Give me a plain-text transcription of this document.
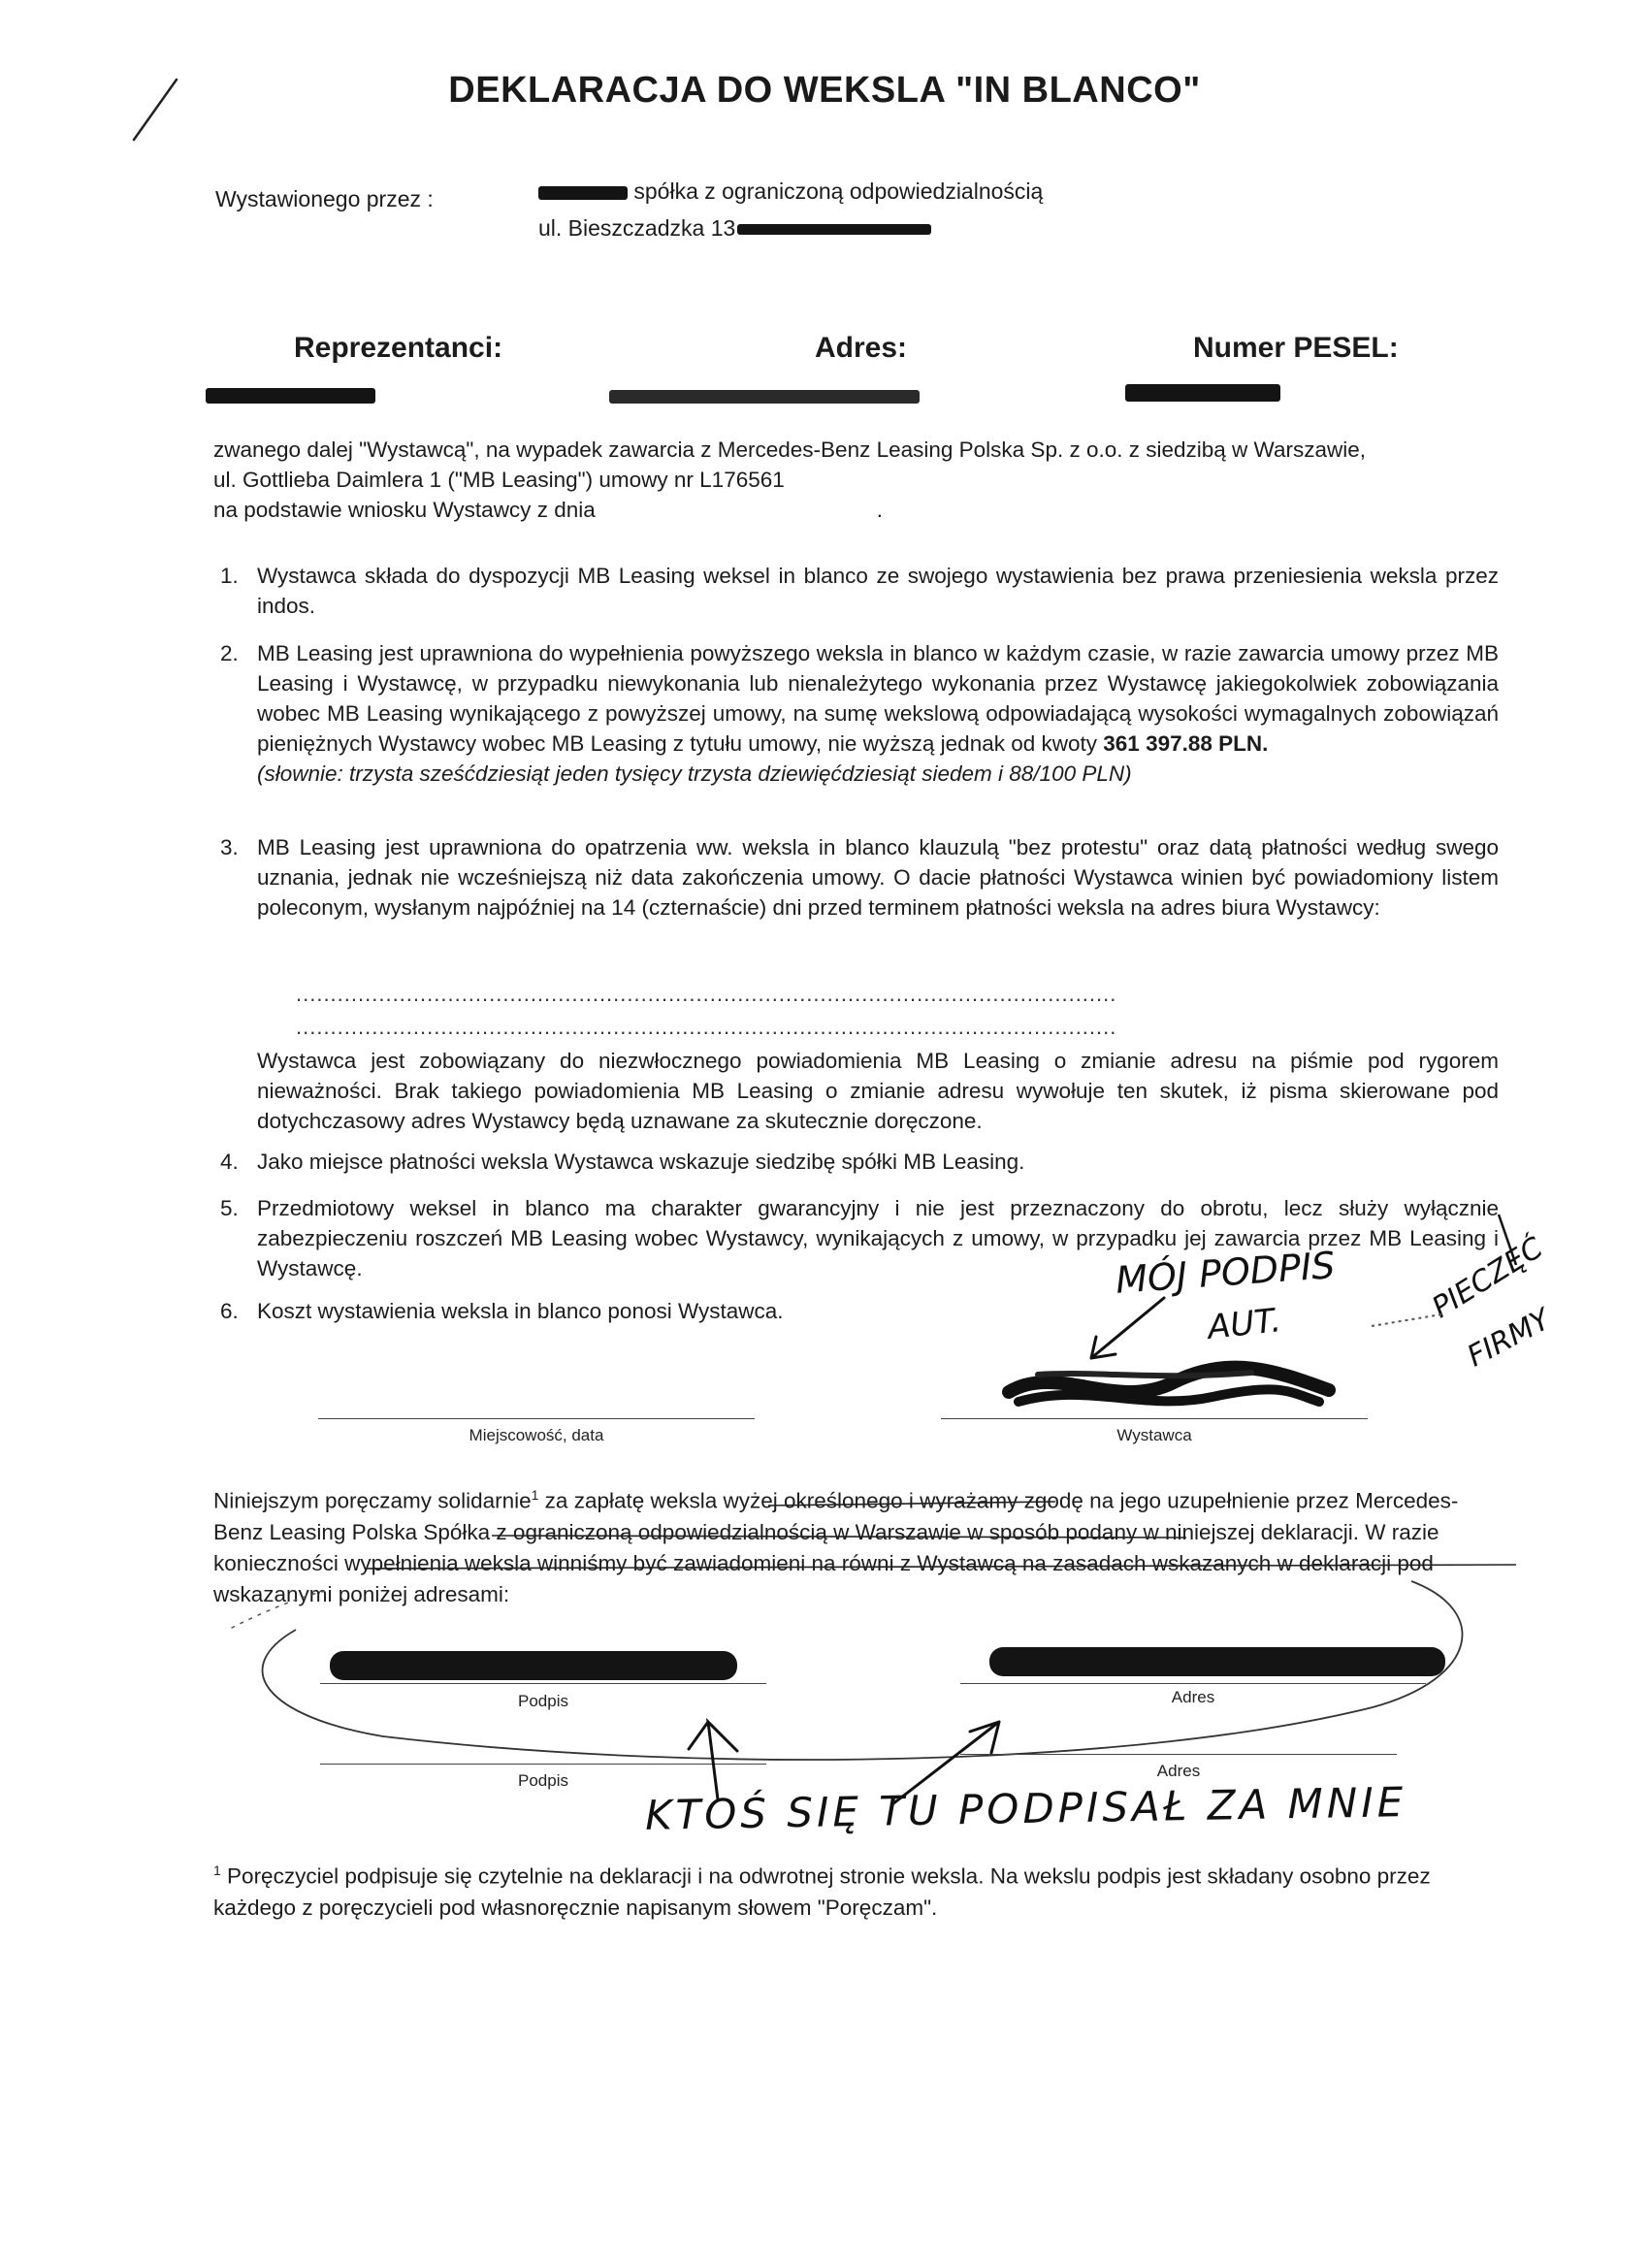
DEKLARACJA DO WEKSLA "IN BLANCO"
Wystawionego przez :	spółka z ograniczoną odpowiedzialnością
ul. Bieszczadzka 13
Reprezentanci:	Adres:	Numer PESEL:
zwanego dalej "Wystawcą", na wypadek zawarcia z Mercedes-Benz Leasing Polska Sp. z o.o. z siedzibą w Warszawie,
ul. Gottlieba Daimlera 1 ("MB Leasing") umowy nr L176561
na podstawie wniosku Wystawcy z dnia	.
1. Wystawca składa do dyspozycji MB Leasing weksel in blanco ze swojego wystawienia bez prawa przeniesienia weksla przez indos.
2. MB Leasing jest uprawniona do wypełnienia powyższego weksla in blanco w każdym czasie, w razie zawarcia umowy przez MB Leasing i Wystawcę, w przypadku niewykonania lub nienależytego wykonania przez Wystawcę jakiegokolwiek zobowiązania wobec MB Leasing wynikającego z powyższej umowy, na sumę wekslową odpowiadającą wysokości wymagalnych zobowiązań pieniężnych Wystawcy wobec MB Leasing z tytułu umowy, nie wyższą jednak od kwoty 361 397.88 PLN.
(słownie: trzysta sześćdziesiąt jeden tysięcy trzysta dziewięćdziesiąt siedem i 88/100 PLN)
3. MB Leasing jest uprawniona do opatrzenia ww. weksla in blanco klauzulą "bez protestu" oraz datą płatności według swego uznania, jednak nie wcześniejszą niż data zakończenia umowy. O dacie płatności Wystawca winien być powiadomiony listem poleconym, wysłanym najpóźniej na 14 (czternaście) dni przed terminem płatności weksla na adres biura Wystawcy:
.......................................................................................................................
.......................................................................................................................
Wystawca jest zobowiązany do niezwłocznego powiadomienia MB Leasing o zmianie adresu na piśmie pod rygorem nieważności. Brak takiego powiadomienia MB Leasing o zmianie adresu wywołuje ten skutek, iż pisma skierowane pod dotychczasowy adres Wystawcy będą uznawane za skutecznie doręczone.
4. Jako miejsce płatności weksla Wystawca wskazuje siedzibę spółki MB Leasing.
5. Przedmiotowy weksel in blanco ma charakter gwarancyjny i nie jest przeznaczony do obrotu, lecz służy wyłącznie zabezpieczeniu roszczeń MB Leasing wobec Wystawcy, wynikających z umowy, w przypadku jej zawarcia przez MB Leasing i Wystawcę.
6. Koszt wystawienia weksla in blanco ponosi Wystawca.
Miejscowość, data	Wystawca
MÓJ PODPIS
AUT.	PIECZĘĆ
FIRMY
Niniejszym poręczamy solidarnie$^1$ za zapłatę weksla wyżej określonego i wyrażamy zgodę na jego uzupełnienie przez Mercedes-Benz Leasing Polska Spółka z ograniczoną odpowiedzialnością w Warszawie w sposób podany w niniejszej deklaracji. W razie konieczności wypełnienia weksla winniśmy być zawiadomieni na równi z Wystawcą na zasadach wskazanych w deklaracji pod wskazanymi poniżej adresami:
Podpis	Adres
Podpis
Adres
KTOŚ SIĘ TU PODPISAŁ ZA MNIE
$^1$ Poręczyciel podpisuje się czytelnie na deklaracji i na odwrotnej stronie weksla. Na wekslu podpis jest składany osobno przez każdego z poręczycieli pod własnoręcznie napisanym słowem "Poręczam".
